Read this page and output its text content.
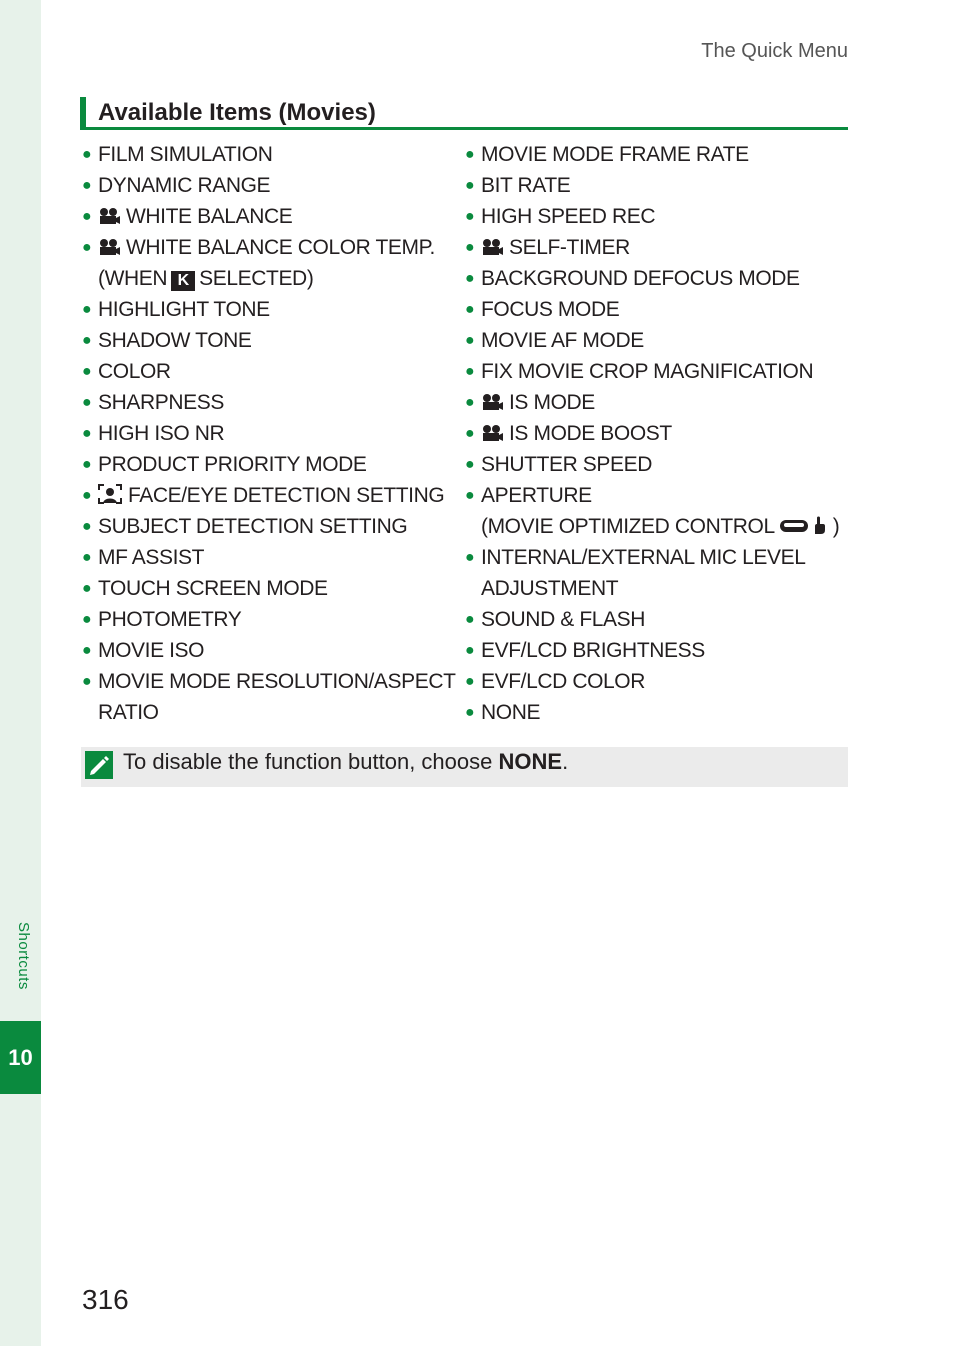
Shortcuts
10
The Quick Menu
Available Items (Movies)
● FILM SIMULATION
● DYNAMIC RANGE
● WHITE BALANCE
● WHITE BALANCE COLOR TEMP.
(WHEN K SELECTED)
● HIGHLIGHT TONE
● SHADOW TONE
● COLOR
● SHARPNESS
● HIGH ISO NR
● PRODUCT PRIORITY MODE
● FACE/EYE DETECTION SETTING
● SUBJECT DETECTION SETTING
● MF ASSIST
● TOUCH SCREEN MODE
● PHOTOMETRY
● MOVIE ISO
● MOVIE MODE RESOLUTION/ASPECT
RATIO
● MOVIE MODE FRAME RATE
● BIT RATE
● HIGH SPEED REC
● SELF-TIMER
● BACKGROUND DEFOCUS MODE
● FOCUS MODE
● MOVIE AF MODE
● FIX MOVIE CROP MAGNIFICATION
● IS MODE
● IS MODE BOOST
● SHUTTER SPEED
● APERTURE
(MOVIE OPTIMIZED CONTROL	)
● INTERNAL/EXTERNAL MIC LEVEL
ADJUSTMENT
● SOUND & FLASH
● EVF/LCD BRIGHTNESS
● EVF/LCD COLOR
● NONE
To disable the function button, choose NONE.
316
